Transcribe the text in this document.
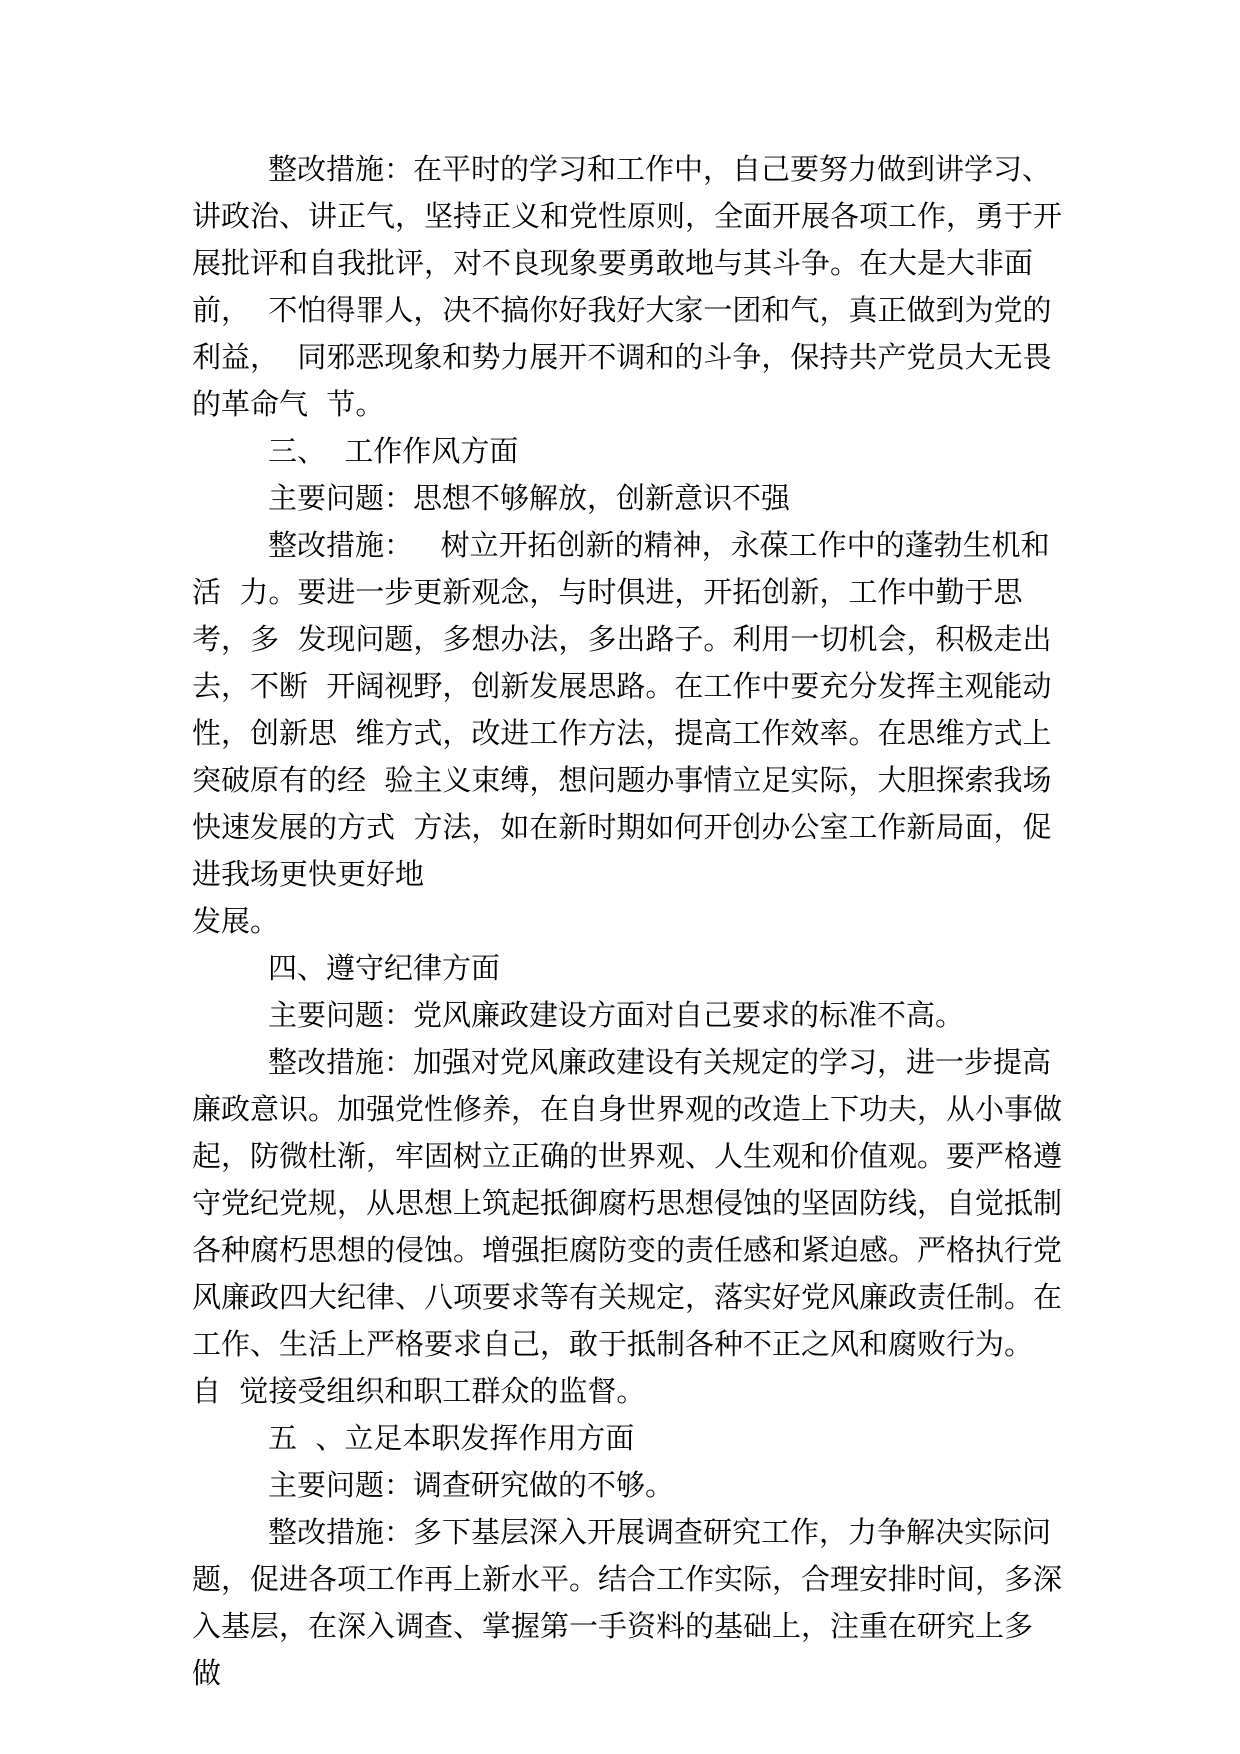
整改措施：在平时的学习和工作中，自己要努力做到讲学习、
讲政治、讲正气，坚持正义和党性原则，全面开展各项工作，勇于开
展批评和自我批评，对不良现象要勇敢地与其斗争。在大是大非面
前，  不怕得罪人，决不搞你好我好大家一团和气，真正做到为党的
利益，  同邪恶现象和势力展开不调和的斗争，保持共产党员大无畏
的革命气  节。
三、  工作作风方面
主要问题：思想不够解放，创新意识不强
整改措施：   树立开拓创新的精神，永葆工作中的蓬勃生机和
活  力。要进一步更新观念，与时俱进，开拓创新，工作中勤于思
考，多  发现问题，多想办法，多出路子。利用一切机会，积极走出
去，不断  开阔视野，创新发展思路。在工作中要充分发挥主观能动
性，创新思  维方式，改进工作方法，提高工作效率。在思维方式上
突破原有的经  验主义束缚，想问题办事情立足实际，大胆探索我场
快速发展的方式  方法，如在新时期如何开创办公室工作新局面，促
进我场更快更好地
发展。
四、遵守纪律方面
主要问题：党风廉政建设方面对自己要求的标准不高。
整改措施：加强对党风廉政建设有关规定的学习，进一步提高
廉政意识。加强党性修养，在自身世界观的改造上下功夫，从小事做
起，防微杜渐，牢固树立正确的世界观、人生观和价值观。要严格遵
守党纪党规，从思想上筑起抵御腐朽思想侵蚀的坚固防线，自觉抵制
各种腐朽思想的侵蚀。增强拒腐防变的责任感和紧迫感。严格执行党
风廉政四大纪律、八项要求等有关规定，落实好党风廉政责任制。在
工作、生活上严格要求自己，敢于抵制各种不正之风和腐败行为。
自  觉接受组织和职工群众的监督。
五  、立足本职发挥作用方面
主要问题：调查研究做的不够。
整改措施：多下基层深入开展调查研究工作，力争解决实际问
题，促进各项工作再上新水平。结合工作实际，合理安排时间，多深
入基层，在深入调查、掌握第一手资料的基础上，注重在研究上多
做
